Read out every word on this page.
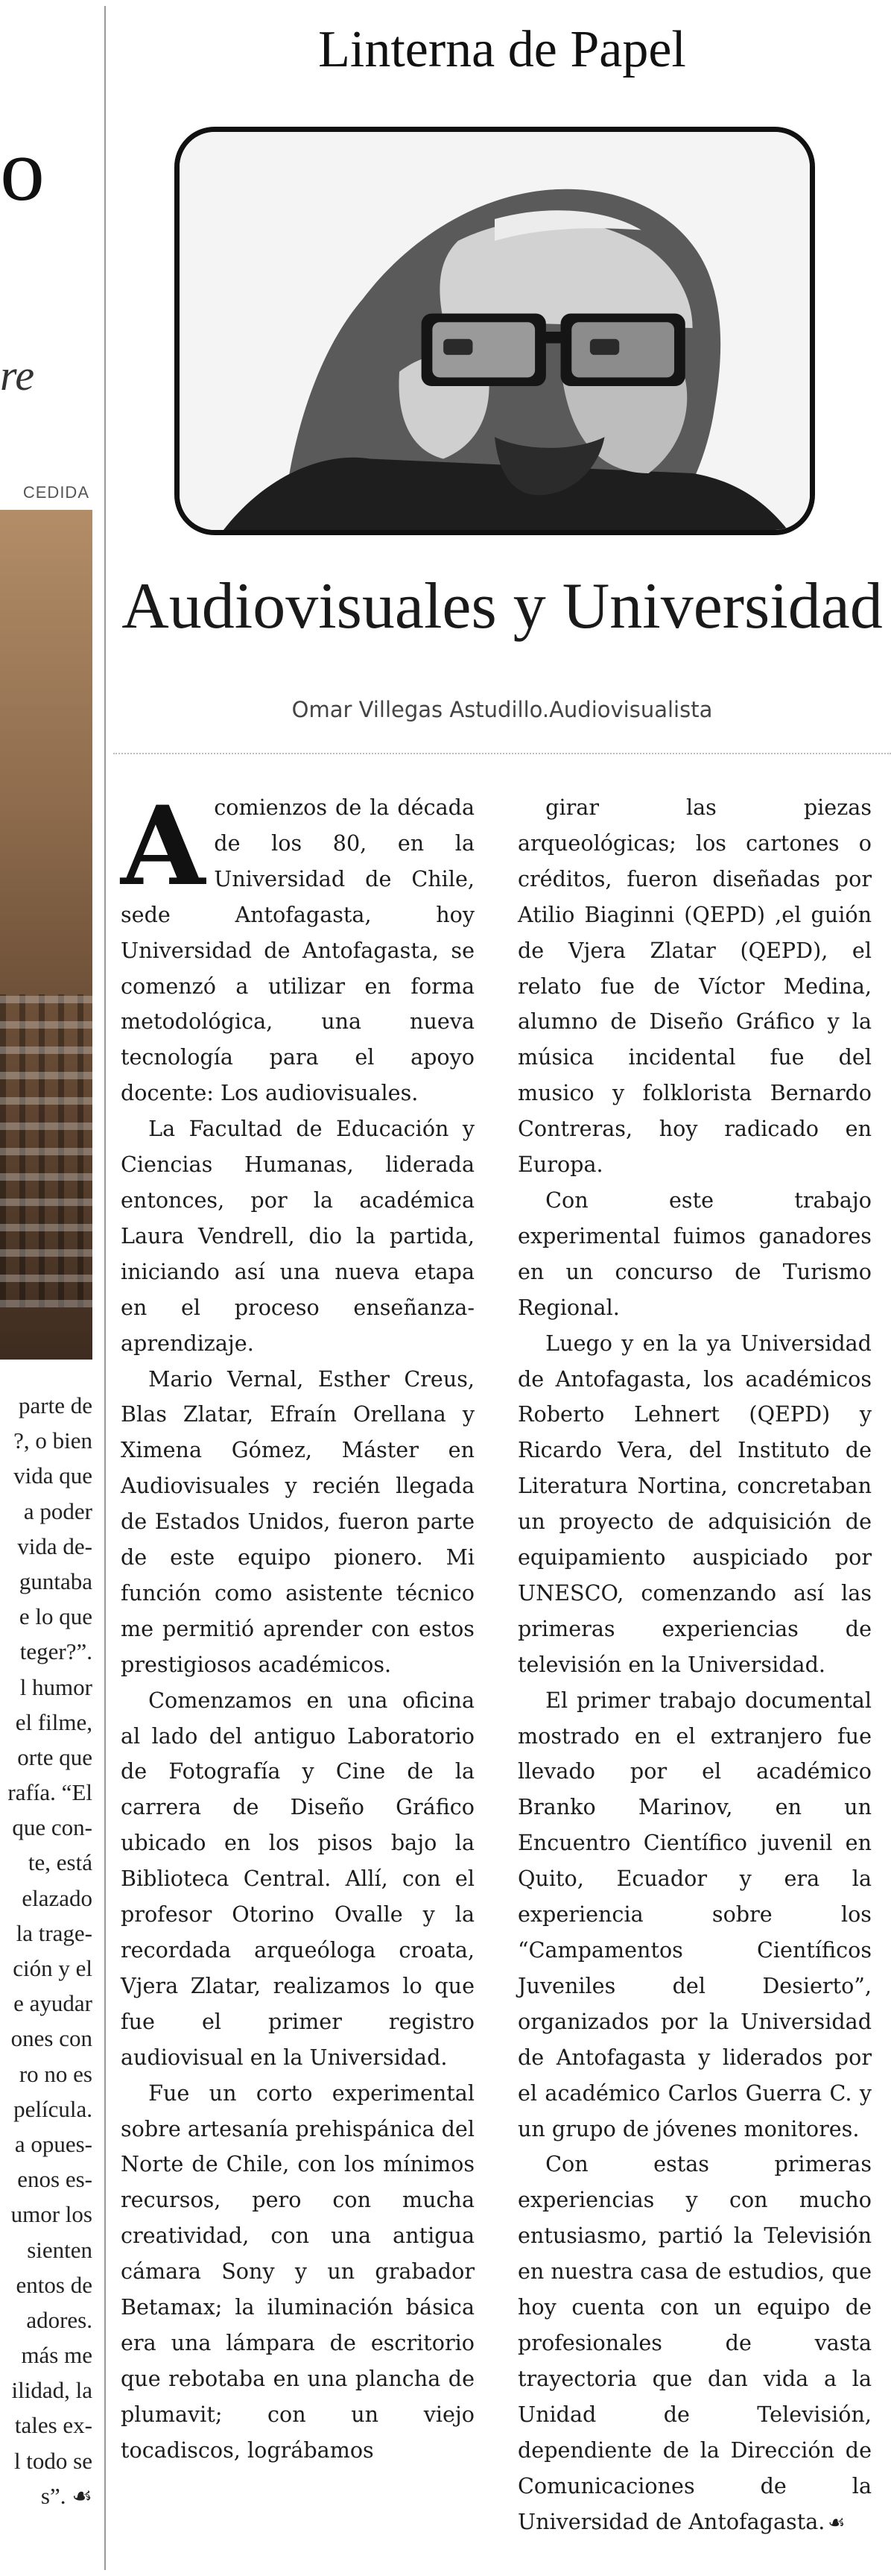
o
re
CEDIDA
parte de
?, o bien
vida que
a poder
vida de-
guntaba
e lo que
teger?”.
l humor
el filme,
orte que
rafía. “El
que con-
te, está
elazado
la trage-
ción y el
e ayudar
ones con
ro no es
película.
a opues-
enos es-
umor los
sienten
entos de
adores.
más me
ilidad, la
tales ex-
l todo se
s”. ☙
Linterna de Papel
Audiovisuales y Universidad
Omar Villegas Astudillo.Audiovisualista

Acomienzos de la década de los 80, en la Universidad de Chile, sede Antofagasta, hoy Universidad de Antofagasta, se comenzó a utilizar en forma metodológica, una nueva tecnología para el apoyo docente: Los audiovisuales.

La Facultad de Educación y Ciencias Humanas, liderada entonces, por la académica Laura Vendrell, dio la partida, iniciando así una nueva etapa en el proceso enseñanza-aprendizaje.

Mario Vernal, Esther Creus, Blas Zlatar, Efraín Orellana y Ximena Gómez, Máster en Audiovisuales y recién llegada de Estados Unidos, fueron parte de este equipo pionero. Mi función como asistente técnico me permitió aprender con estos prestigiosos académicos.

Comenzamos en una oficina al lado del antiguo Laboratorio de Fotografía y Cine de la carrera de Diseño Gráfico ubicado en los pisos bajo la Biblioteca Central. Allí, con el profesor Otorino Ovalle y la recordada arqueóloga croata, Vjera Zlatar, realizamos lo que fue el primer registro audiovisual en la Universidad.

Fue un corto experimental sobre artesanía prehispánica del Norte de Chile, con los mínimos recursos, pero con mucha creatividad, con una antigua cámara Sony y un grabador Betamax; la iluminación básica era una lámpara de escritorio que rebotaba en una plancha de plumavit; con un viejo tocadiscos, lográbamos

girar las piezas arqueológicas; los cartones o créditos, fueron diseñadas por Atilio Biaginni (QEPD) ,el guión de Vjera Zlatar (QEPD), el relato fue de Víctor Medina, alumno de Diseño Gráfico y la música incidental fue del musico y folklorista Bernardo Contreras, hoy radicado en Europa.

Con este trabajo experimental fuimos ganadores en un concurso de Turismo Regional.

Luego y en la ya Universidad de Antofagasta, los académicos Roberto Lehnert (QEPD) y Ricardo Vera, del Instituto de Literatura Nortina, concretaban un proyecto de adquisición de equipamiento auspiciado por UNESCO, comenzando así las primeras experiencias de televisión en la Universidad.

El primer trabajo documental mostrado en el extranjero fue llevado por el académico Branko Marinov, en un Encuentro Científico juvenil en Quito, Ecuador y era la experiencia sobre los “Campamentos Científicos Juveniles del Desierto”, organizados por la Universidad de Antofagasta y liderados por el académico Carlos Guerra C. y un grupo de jóvenes monitores.

Con estas primeras experiencias y con mucho entusiasmo, partió la Televisión en nuestra casa de estudios, que hoy cuenta con un equipo de profesionales de vasta trayectoria que dan vida a la Unidad de Televisión, dependiente de la Dirección de Comunicaciones de la Universidad de Antofagasta. ☙
